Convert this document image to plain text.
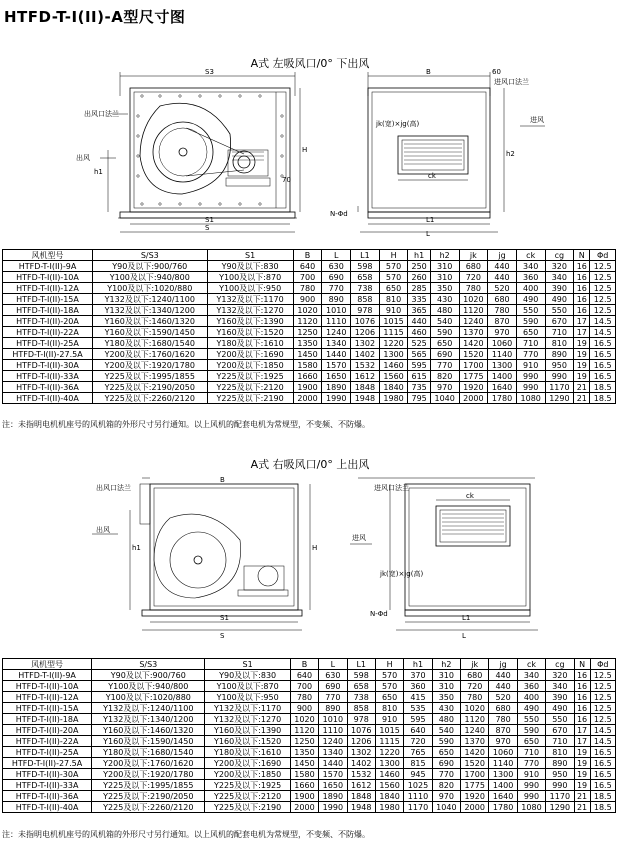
HTFD-T-I(II)-A型尺寸图
A式 左吸风口/0° 下出风
S3
S1
S
H
h1
70
出风
出风口法兰
B	60
进风口法兰
进风
ck
h2
L1
L
N-Φd
jk(宽)×jg(高)
风机型号	S/S3	S1	B	L	L1	H	h1	h2	jk	jg	ck	cg	N	Φd
HTFD-T-I(II)-9A	Y90及以下:900/760	Y90及以下:830	640	630	598	570	250	310	680	440	340	320	16	12.5
HTFD-T-I(II)-10A	Y100及以下:940/800	Y100及以下:870	700	690	658	570	260	310	720	440	360	340	16	12.5
HTFD-T-I(II)-12A	Y100及以下:1020/880	Y100及以下:950	780	770	738	650	285	350	780	520	400	390	16	12.5
HTFD-T-I(II)-15A	Y132及以下:1240/1100	Y132及以下:1170	900	890	858	810	335	430	1020	680	490	490	16	12.5
HTFD-T-I(II)-18A	Y132及以下:1340/1200	Y132及以下:1270	1020	1010	978	910	365	480	1120	780	550	550	16	12.5
HTFD-T-I(II)-20A	Y160及以下:1460/1320	Y160及以下:1390	1120	1110	1076	1015	440	540	1240	870	590	670	17	14.5
HTFD-T-I(II)-22A	Y160及以下:1590/1450	Y160及以下:1520	1250	1240	1206	1115	460	590	1370	970	650	710	17	14.5
HTFD-T-I(II)-25A	Y180及以下:1680/1540	Y180及以下:1610	1350	1340	1302	1220	525	650	1420	1060	710	810	19	16.5
HTFD-T-I(II)-27.5A	Y200及以下:1760/1620	Y200及以下:1690	1450	1440	1402	1300	565	690	1520	1140	770	890	19	16.5
HTFD-T-I(II)-30A	Y200及以下:1920/1780	Y200及以下:1850	1580	1570	1532	1460	595	770	1700	1300	910	950	19	16.5
HTFD-T-I(II)-33A	Y225及以下:1995/1855	Y225及以下:1925	1660	1650	1612	1560	615	820	1775	1400	990	990	19	16.5
HTFD-T-I(II)-36A	Y225及以下:2190/2050	Y225及以下:2120	1900	1890	1848	1840	735	970	1920	1640	990	1170	21	18.5
HTFD-T-I(II)-40A	Y225及以下:2260/2120	Y225及以下:2190	2000	1990	1948	1980	795	1040	2000	1780	1080	1290	21	18.5
注：未指明电机机座号的风机箱的外形尺寸另行通知。以上风机的配套电机为常规型，不变频、不防爆。
A式 右吸风口/0° 上出风
出风口法兰
出风
B
S1
S
H
h1
进风口法兰
进风
ck
jk(宽)×jg(高)
L1
L
N-Φd
风机型号	S/S3	S1	B	L	L1	H	h1	h2	jk	jg	ck	cg	N	Φd
HTFD-T-I(II)-9A	Y90及以下:900/760	Y90及以下:830	640	630	598	570	370	310	680	440	340	320	16	12.5
HTFD-T-I(II)-10A	Y100及以下:940/800	Y100及以下:870	700	690	658	570	360	310	720	440	360	340	16	12.5
HTFD-T-I(II)-12A	Y100及以下:1020/880	Y100及以下:950	780	770	738	650	415	350	780	520	400	390	16	12.5
HTFD-T-I(II)-15A	Y132及以下:1240/1100	Y132及以下:1170	900	890	858	810	535	430	1020	680	490	490	16	12.5
HTFD-T-I(II)-18A	Y132及以下:1340/1200	Y132及以下:1270	1020	1010	978	910	595	480	1120	780	550	550	16	12.5
HTFD-T-I(II)-20A	Y160及以下:1460/1320	Y160及以下:1390	1120	1110	1076	1015	640	540	1240	870	590	670	17	14.5
HTFD-T-I(II)-22A	Y160及以下:1590/1450	Y160及以下:1520	1250	1240	1206	1115	720	590	1370	970	650	710	17	14.5
HTFD-T-I(II)-25A	Y180及以下:1680/1540	Y180及以下:1610	1350	1340	1302	1220	765	650	1420	1060	710	810	19	16.5
HTFD-T-I(II)-27.5A	Y200及以下:1760/1620	Y200及以下:1690	1450	1440	1402	1300	815	690	1520	1140	770	890	19	16.5
HTFD-T-I(II)-30A	Y200及以下:1920/1780	Y200及以下:1850	1580	1570	1532	1460	945	770	1700	1300	910	950	19	16.5
HTFD-T-I(II)-33A	Y225及以下:1995/1855	Y225及以下:1925	1660	1650	1612	1560	1025	820	1775	1400	990	990	19	16.5
HTFD-T-I(II)-36A	Y225及以下:2190/2050	Y225及以下:2120	1900	1890	1848	1840	1110	970	1920	1640	990	1170	21	18.5
HTFD-T-I(II)-40A	Y225及以下:2260/2120	Y225及以下:2190	2000	1990	1948	1980	1170	1040	2000	1780	1080	1290	21	18.5
注：未指明电机机座号的风机箱的外形尺寸另行通知。以上风机的配套电机为常规型，不变频、不防爆。
